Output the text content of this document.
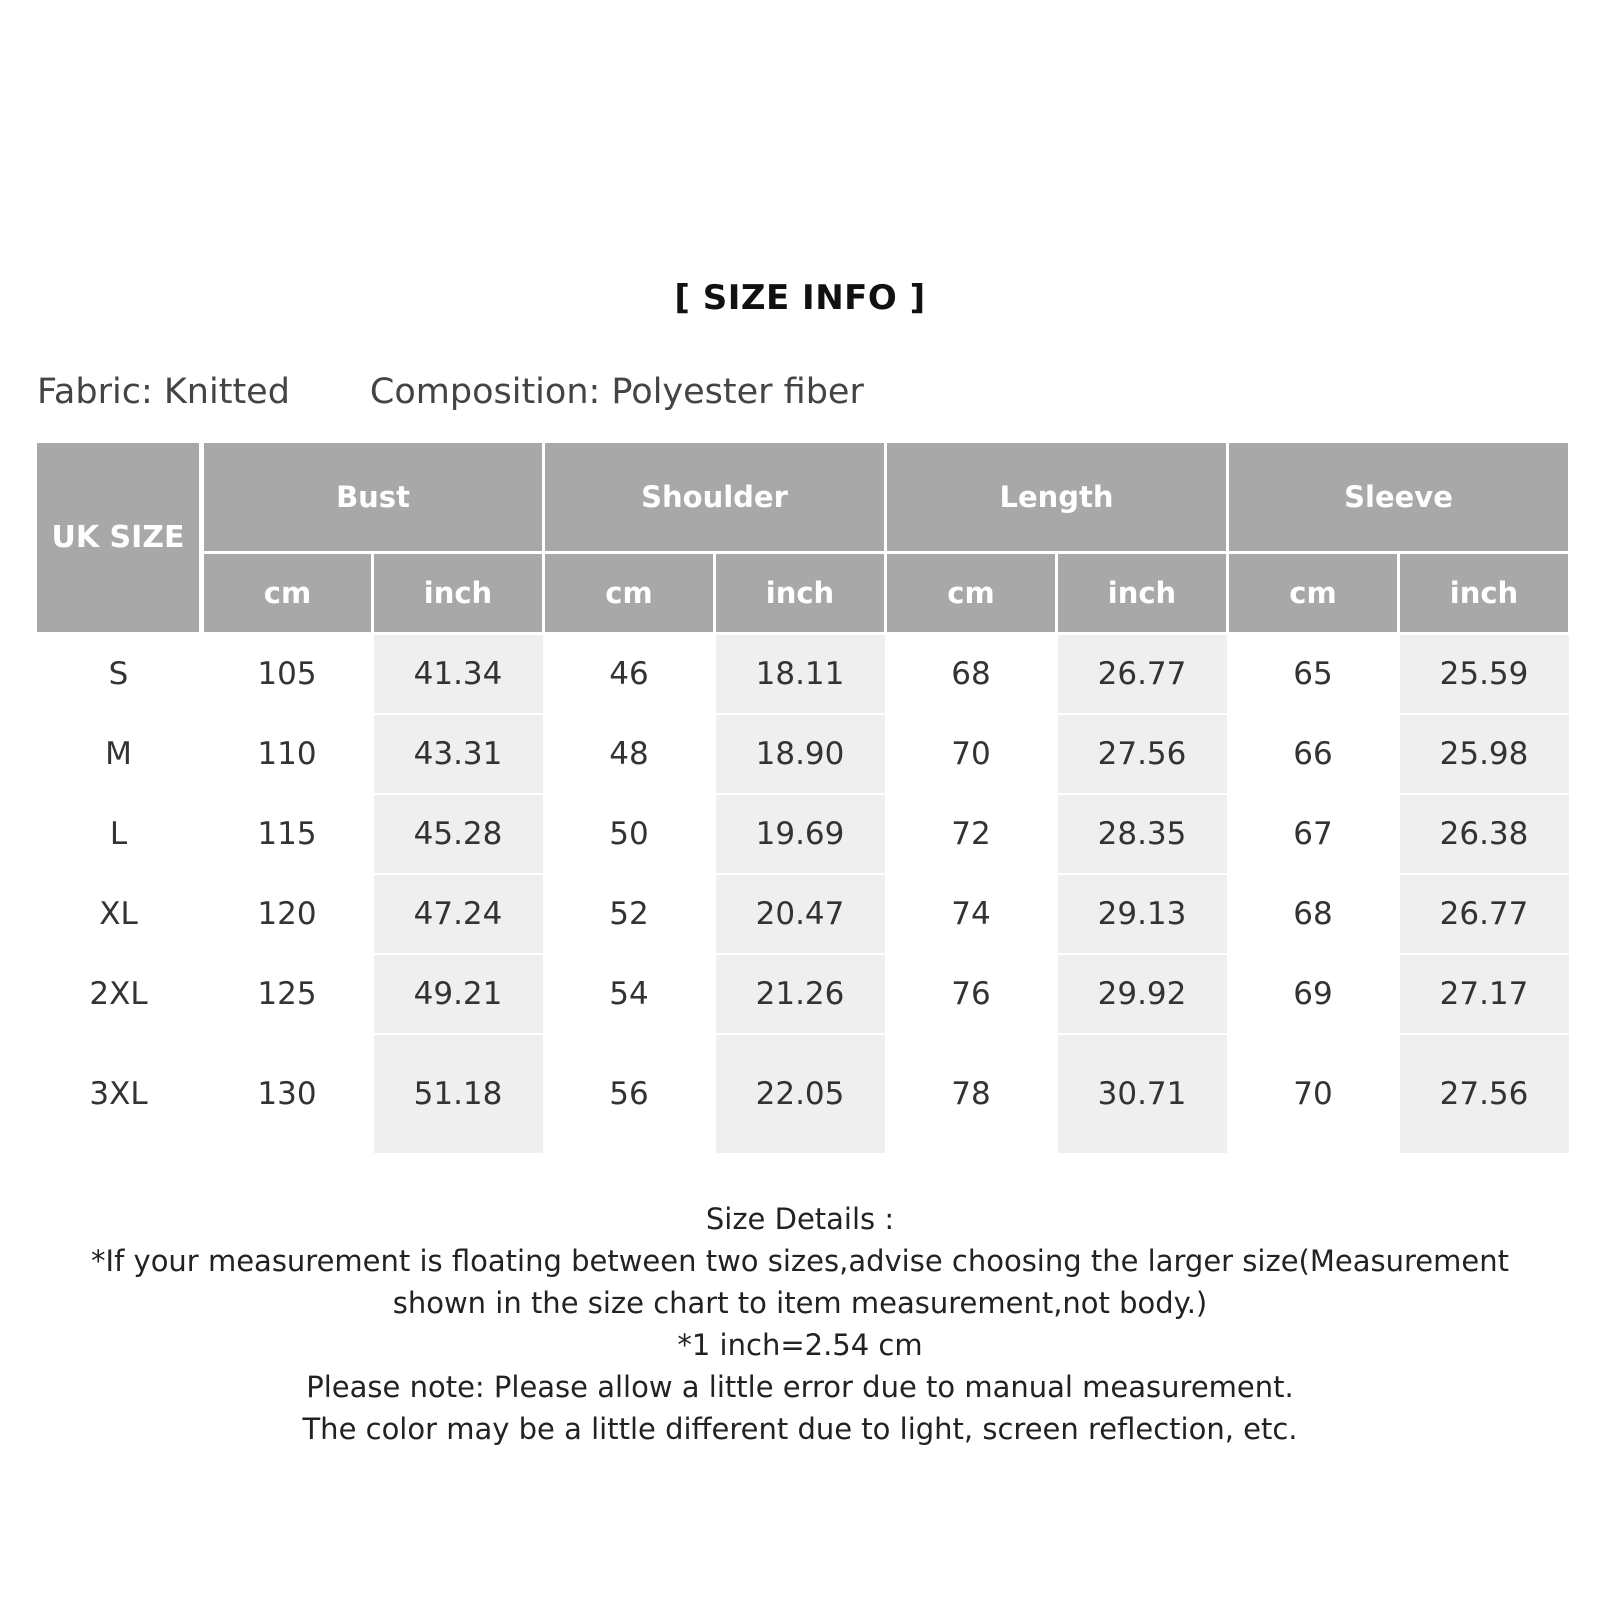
[ SIZE INFO ]
Fabric: Knitted Composition: Polyester fiber
UK SIZE	Bust		Shoulder		Length		Sleeve	
	cm	inch	cm	inch	cm	inch	cm	inch
S	105	41.34	46	18.11	68	26.77	65	25.59
M	110	43.31	48	18.90	70	27.56	66	25.98
L	115	45.28	50	19.69	72	28.35	67	26.38
XL	120	47.24	52	20.47	74	29.13	68	26.77
2XL	125	49.21	54	21.26	76	29.92	69	27.17
3XL	130	51.18	56	22.05	78	30.71	70	27.56
Size Details :
*If your measurement is floating between two sizes,advise choosing the larger size(Measurement shown in the size chart to item measurement,not body.)
*1 inch=2.54 cm
Please note: Please allow a little error due to manual measurement.
The color may be a little different due to light, screen reflection, etc.
